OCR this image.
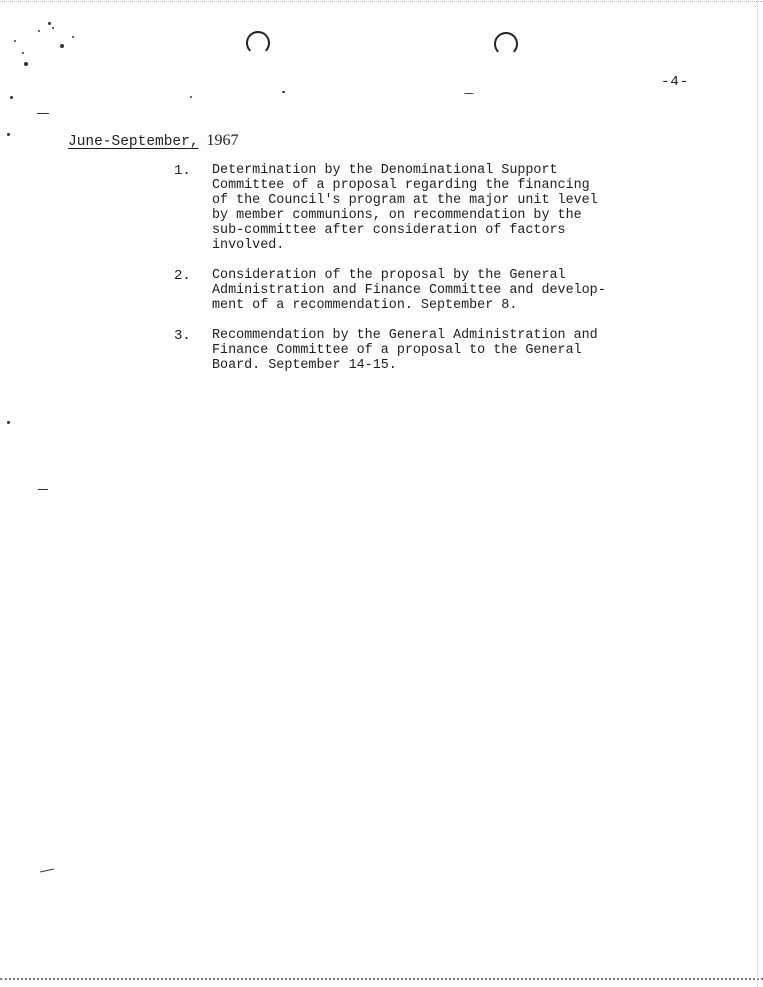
-4-
June-September, 1967
1. Determination by the Denominational Support
Committee of a proposal regarding the financing
of the Council's program at the major unit level
by member communions, on recommendation by the
sub-committee after consideration of factors
involved.
2. Consideration of the proposal by the General
Administration and Finance Committee and develop-
ment of a recommendation. September 8.
3. Recommendation by the General Administration and
Finance Committee of a proposal to the General
Board. September 14-15.
